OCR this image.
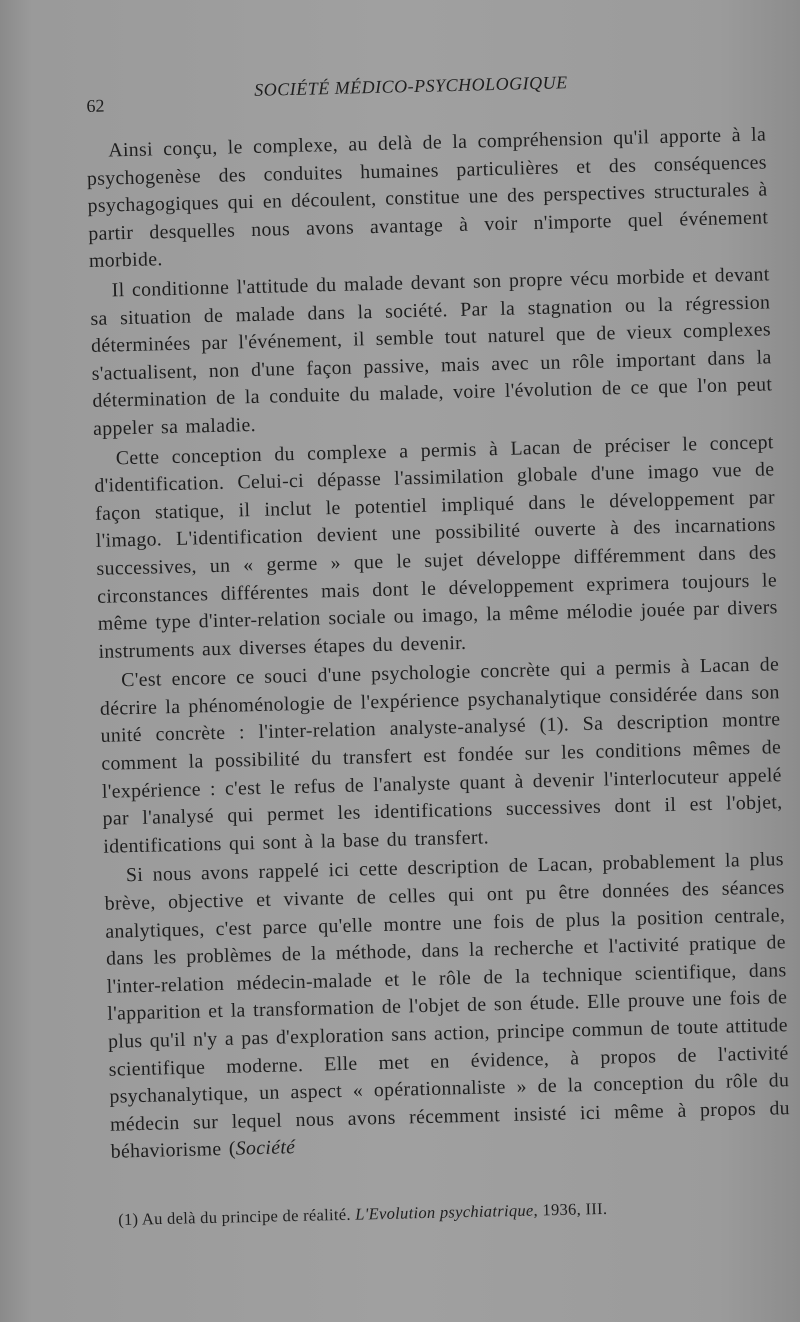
62
SOCIÉTÉ MÉDICO-PSYCHOLOGIQUE

Ainsi conçu, le complexe, au delà de la compréhension qu'il apporte à la psychogenèse des conduites humaines particulières et des conséquences psychagogiques qui en découlent, constitue une des perspectives structurales à partir desquelles nous avons avantage à voir n'importe quel événement morbide.

Il conditionne l'attitude du malade devant son propre vécu morbide et devant sa situation de malade dans la société. Par la stagnation ou la régression déterminées par l'événement, il semble tout naturel que de vieux complexes s'actualisent, non d'une façon passive, mais avec un rôle important dans la détermination de la conduite du malade, voire l'évolution de ce que l'on peut appeler sa maladie.

Cette conception du complexe a permis à Lacan de préciser le concept d'identification. Celui-ci dépasse l'assimilation globale d'une imago vue de façon statique, il inclut le potentiel impliqué dans le développement par l'imago. L'identification devient une possibilité ouverte à des incarnations successives, un « germe » que le sujet développe différemment dans des circonstances différentes mais dont le développement exprimera toujours le même type d'inter-relation sociale ou imago, la même mélodie jouée par divers instruments aux diverses étapes du devenir.

C'est encore ce souci d'une psychologie concrète qui a permis à Lacan de décrire la phénoménologie de l'expérience psychanalytique considérée dans son unité concrète : l'inter-relation analyste-analysé (1). Sa description montre comment la possibilité du transfert est fondée sur les conditions mêmes de l'expérience : c'est le refus de l'analyste quant à devenir l'interlocuteur appelé par l'analysé qui permet les identifications successives dont il est l'objet, identifications qui sont à la base du transfert.

Si nous avons rappelé ici cette description de Lacan, probablement la plus brève, objective et vivante de celles qui ont pu être données des séances analytiques, c'est parce qu'elle montre une fois de plus la position centrale, dans les problèmes de la méthode, dans la recherche et l'activité pratique de l'inter-relation médecin-malade et le rôle de la technique scientifique, dans l'apparition et la transformation de l'objet de son étude. Elle prouve une fois de plus qu'il n'y a pas d'exploration sans action, principe commun de toute attitude scientifique moderne. Elle met en évidence, à propos de l'activité psychanalytique, un aspect « opérationnaliste » de la conception du rôle du médecin sur lequel nous avons récemment insisté ici même à propos du béhaviorisme (Société

(1) Au delà du principe de réalité. L'Evolution psychiatrique, 1936, III.
